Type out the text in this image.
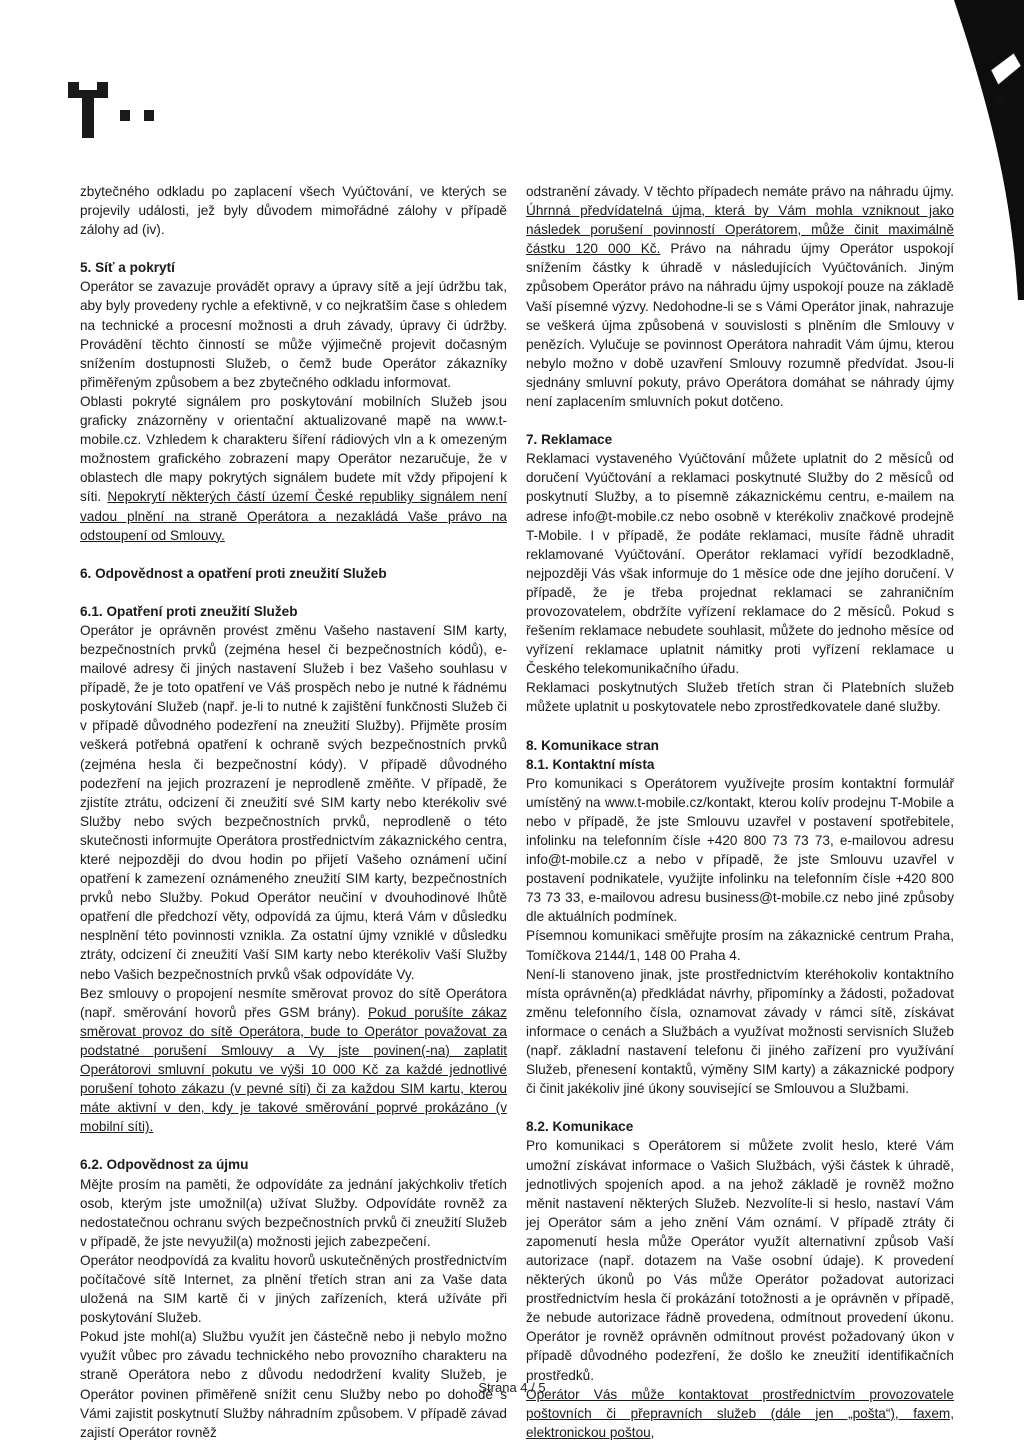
zbytečného odkladu po zaplacení všech Vyúčtování, ve kterých se projevily události, jež byly důvodem mimořádné zálohy v případě zálohy ad (iv).

5. Síť a pokrytí

Operátor se zavazuje provádět opravy a úpravy sítě a její údržbu tak, aby byly provedeny rychle a efektivně, v co nejkratším čase s ohledem na technické a procesní možnosti a druh závady, úpravy či údržby. Provádění těchto činností se může výjimečně projevit dočasným snížením dostupnosti Služeb, o čemž bude Operátor zákazníky přiměřeným způsobem a bez zbytečného odkladu informovat.

Oblasti pokryté signálem pro poskytování mobilních Služeb jsou graficky znázorněny v orientační aktualizované mapě na www.t-mobile.cz. Vzhledem k charakteru šíření rádiových vln a k omezeným možnostem grafického zobrazení mapy Operátor nezaručuje, že v oblastech dle mapy pokrytých signálem budete mít vždy připojení k síti. Nepokrytí některých částí území České republiky signálem není vadou plnění na straně Operátora a nezakládá Vaše právo na odstoupení od Smlouvy.

6. Odpovědnost a opatření proti zneužití Služeb
6.1. Opatření proti zneužití Služeb

Operátor je oprávněn provést změnu Vašeho nastavení SIM karty, bezpečnostních prvků (zejména hesel či bezpečnostních kódů), e-mailové adresy či jiných nastavení Služeb i bez Vašeho souhlasu v případě, že je toto opatření ve Váš prospěch nebo je nutné k řádnému poskytování Služeb (např. je-li to nutné k zajištění funkčnosti Služeb či v případě důvodného podezření na zneužití Služby). Přijměte prosím veškerá potřebná opatření k ochraně svých bezpečnostních prvků (zejména hesla či bezpečnostní kódy). V případě důvodného podezření na jejich prozrazení je neprodleně změňte. V případě, že zjistíte ztrátu, odcizení či zneužití své SIM karty nebo kterékoliv své Služby nebo svých bezpečnostních prvků, neprodleně o této skutečnosti informujte Operátora prostřednictvím zákaznického centra, které nejpozději do dvou hodin po přijetí Vašeho oznámení učiní opatření k zamezení oznámeného zneužití SIM karty, bezpečnostních prvků nebo Služby. Pokud Operátor neučiní v dvouhodinové lhůtě opatření dle předchozí věty, odpovídá za újmu, která Vám v důsledku nesplnění této povinnosti vznikla. Za ostatní újmy vzniklé v důsledku ztráty, odcizení či zneužití Vaší SIM karty nebo kterékoliv Vaší Služby nebo Vašich bezpečnostních prvků však odpovídáte Vy.

Bez smlouvy o propojení nesmíte směrovat provoz do sítě Operátora (např. směrování hovorů přes GSM brány). Pokud porušíte zákaz směrovat provoz do sítě Operátora, bude to Operátor považovat za podstatné porušení Smlouvy a Vy jste povinen(-na) zaplatit Operátorovi smluvní pokutu ve výši 10 000 Kč za každé jednotlivé porušení tohoto zákazu (v pevné síti) či za každou SIM kartu, kterou máte aktivní v den, kdy je takové směrování poprvé prokázáno (v mobilní síti).

6.2. Odpovědnost za újmu

Mějte prosím na paměti, že odpovídáte za jednání jakýchkoliv třetích osob, kterým jste umožnil(a) užívat Služby. Odpovídáte rovněž za nedostatečnou ochranu svých bezpečnostních prvků či zneužití Služeb v případě, že jste nevyužil(a) možnosti jejich zabezpečení.

Operátor neodpovídá za kvalitu hovorů uskutečněných prostřednictvím počítačové sítě Internet, za plnění třetích stran ani za Vaše data uložená na SIM kartě či v jiných zařízeních, která užíváte při poskytování Služeb.

Pokud jste mohl(a) Službu využít jen částečně nebo ji nebylo možno využít vůbec pro závadu technického nebo provozního charakteru na straně Operátora nebo z důvodu nedodržení kvality Služeb, je Operátor povinen přiměřeně snížit cenu Služby nebo po dohodě s Vámi zajistit poskytnutí Služby náhradním způsobem. V případě závad zajistí Operátor rovněž

odstranění závady. V těchto případech nemáte právo na náhradu újmy. Úhrnná předvídatelná újma, která by Vám mohla vzniknout jako následek porušení povinností Operátorem, může činit maximálně částku 120 000 Kč. Právo na náhradu újmy Operátor uspokojí snížením částky k úhradě v následujících Vyúčtováních. Jiným způsobem Operátor právo na náhradu újmy uspokojí pouze na základě Vaší písemné výzvy. Nedohodne-li se s Vámi Operátor jinak, nahrazuje se veškerá újma způsobená v souvislosti s plněním dle Smlouvy v penězích. Vylučuje se povinnost Operátora nahradit Vám újmu, kterou nebylo možno v době uzavření Smlouvy rozumně předvídat. Jsou-li sjednány smluvní pokuty, právo Operátora domáhat se náhrady újmy není zaplacením smluvních pokut dotčeno.

7. Reklamace

Reklamaci vystaveného Vyúčtování můžete uplatnit do 2 měsíců od doručení Vyúčtování a reklamaci poskytnuté Služby do 2 měsíců od poskytnutí Služby, a to písemně zákaznickému centru, e-mailem na adrese info@t-mobile.cz nebo osobně v kterékoliv značkové prodejně T-Mobile. I v případě, že podáte reklamaci, musíte řádně uhradit reklamované Vyúčtování. Operátor reklamaci vyřídí bezodkladně, nejpozději Vás však informuje do 1 měsíce ode dne jejího doručení. V případě, že je třeba projednat reklamaci se zahraničním provozovatelem, obdržíte vyřízení reklamace do 2 měsíců. Pokud s řešením reklamace nebudete souhlasit, můžete do jednoho měsíce od vyřízení reklamace uplatnit námitky proti vyřízení reklamace u Českého telekomunikačního úřadu.

Reklamaci poskytnutých Služeb třetích stran či Platebních služeb můžete uplatnit u poskytovatele nebo zprostředkovatele dané služby.

8. Komunikace stran
8.1. Kontaktní místa

Pro komunikaci s Operátorem využívejte prosím kontaktní formulář umístěný na www.t-mobile.cz/kontakt, kterou kolív prodejnu T-Mobile a nebo v případě, že jste Smlouvu uzavřel v postavení spotřebitele, infolinku na telefonním čísle +420 800 73 73 73, e-mailovou adresu info@t-mobile.cz a nebo v případě, že jste Smlouvu uzavřel v postavení podnikatele, využijte infolinku na telefonním čísle +420 800 73 73 33, e-mailovou adresu business@t-mobile.cz nebo jiné způsoby dle aktuálních podmínek.

Písemnou komunikaci směřujte prosím na zákaznické centrum Praha, Tomíčkova 2144/1, 148 00 Praha 4.

Není-li stanoveno jinak, jste prostřednictvím kteréhokoliv kontaktního místa oprávněn(a) předkládat návrhy, připomínky a žádosti, požadovat změnu telefonního čísla, oznamovat závady v rámci sítě, získávat informace o cenách a Službách a využívat možnosti servisních Služeb (např. základní nastavení telefonu či jiného zařízení pro využívání Služeb, přenesení kontaktů, výměny SIM karty) a zákaznické podpory či činit jakékoliv jiné úkony související se Smlouvou a Službami.

8.2. Komunikace

Pro komunikaci s Operátorem si můžete zvolit heslo, které Vám umožní získávat informace o Vašich Službách, výši částek k úhradě, jednotlivých spojeních apod. a na jehož základě je rovněž možno měnit nastavení některých Služeb. Nezvolíte-li si heslo, nastaví Vám jej Operátor sám a jeho znění Vám oznámí. V případě ztráty či zapomenutí hesla může Operátor využít alternativní způsob Vaší autorizace (např. dotazem na Vaše osobní údaje). K provedení některých úkonů po Vás může Operátor požadovat autorizaci prostřednictvím hesla či prokázání totožnosti a je oprávněn v případě, že nebude autorizace řádně provedena, odmítnout provedení úkonu. Operátor je rovněž oprávněn odmítnout provést požadovaný úkon v případě důvodného podezření, že došlo ke zneužití identifikačních prostředků.

Operátor Vás může kontaktovat prostřednictvím provozovatele poštovních či přepravních služeb (dále jen „pošta“), faxem, elektronickou poštou,

Strana 4 / 5
